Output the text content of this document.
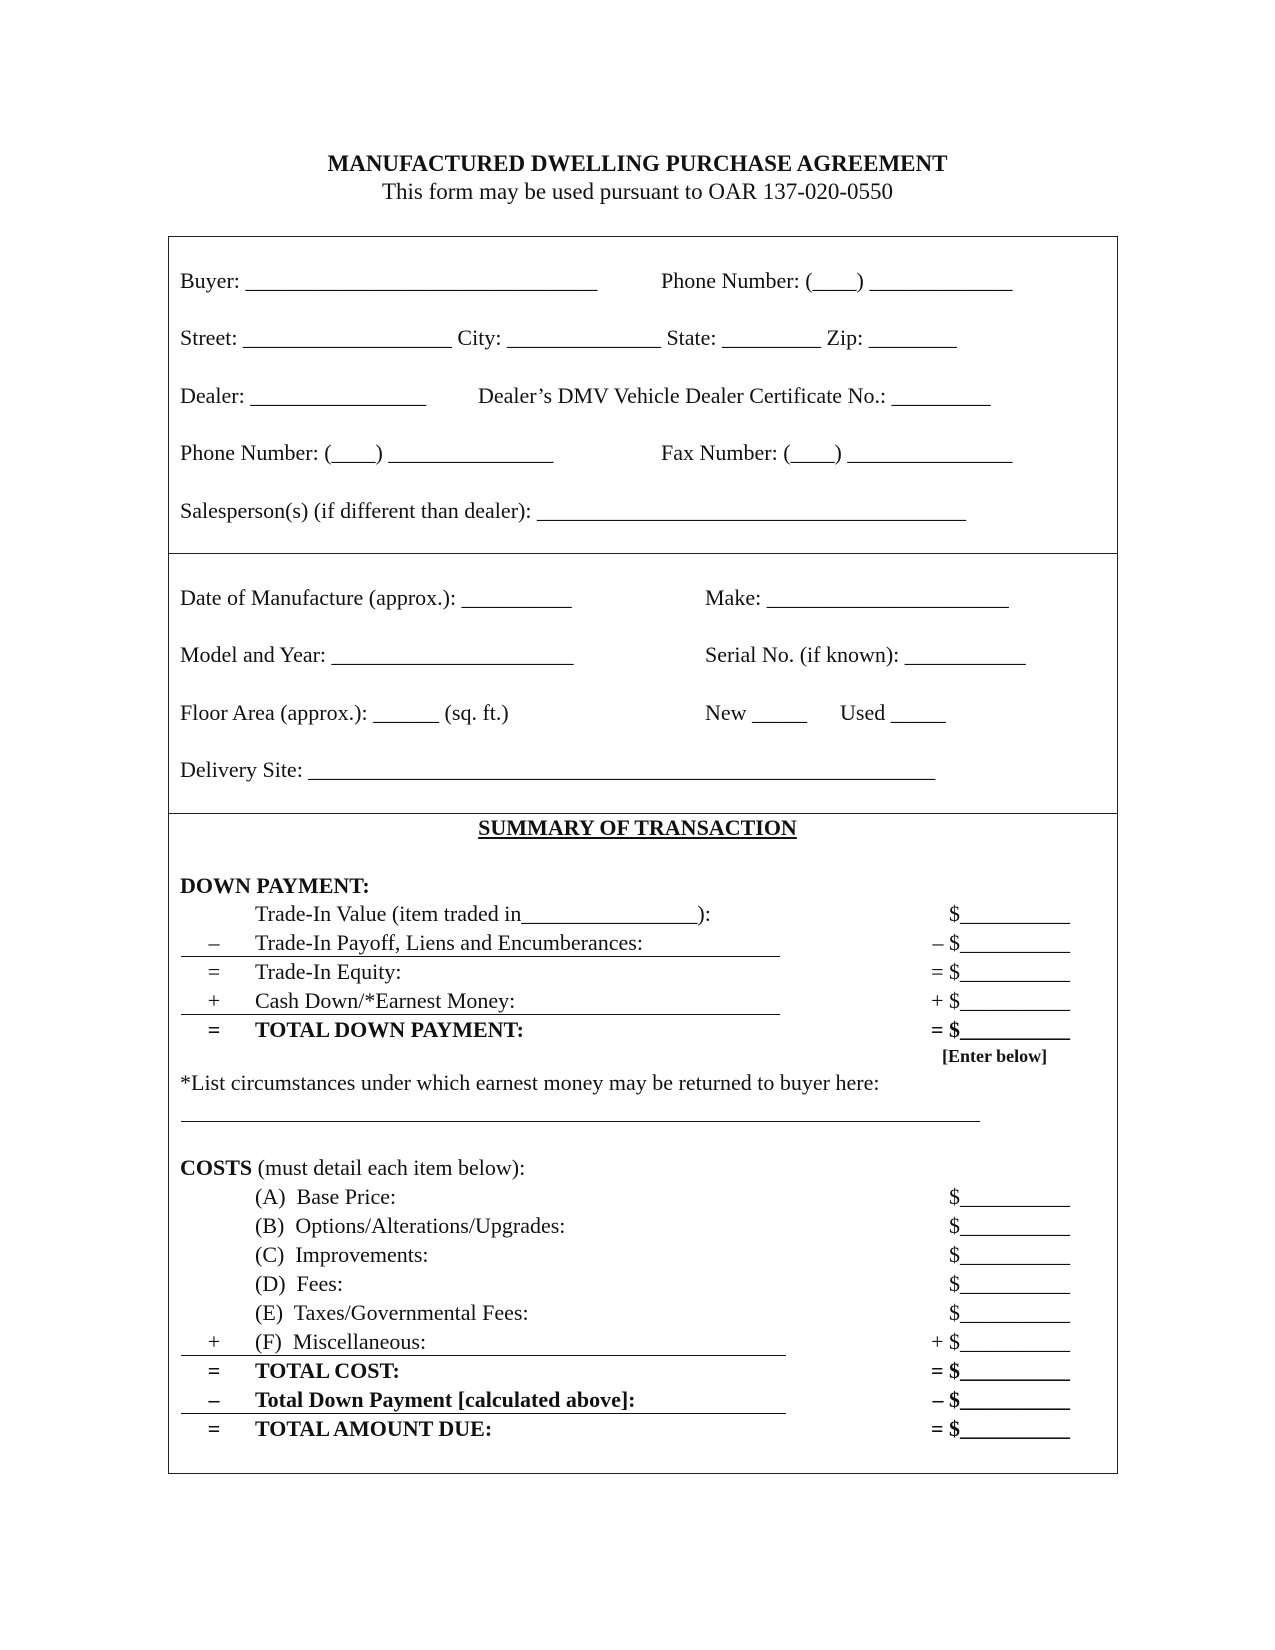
MANUFACTURED DWELLING PURCHASE AGREEMENT
This form may be used pursuant to OAR 137-020-0550
Buyer: ________________________________	Phone Number: (____) _____________
Street: ___________________ City: ______________ State: _________ Zip: ________
Dealer: ________________ Dealer’s DMV Vehicle Dealer Certificate No.: _________
Phone Number: (____) _______________	Fax Number: (____) _______________
Salesperson(s) (if different than dealer): _______________________________________
Date of Manufacture (approx.): __________	Make: ______________________
Model and Year: ______________________	Serial No. (if known): ___________
Floor Area (approx.): ______ (sq. ft.)	New _____ Used _____
Delivery Site: _________________________________________________________
SUMMARY OF TRANSACTION
DOWN PAYMENT:
Trade-In Value (item traded in________________):	$__________
–	Trade-In Payoff, Liens and Encumberances:	– $__________
=	Trade-In Equity:	= $__________
+	Cash Down/*Earnest Money:	+ $__________
=	TOTAL DOWN PAYMENT:	= $__________
[Enter below]
*List circumstances under which earnest money may be returned to buyer here:
COSTS (must detail each item below):
(A)  Base Price:	$__________
(B)  Options/Alterations/Upgrades:	$__________
(C)  Improvements:	$__________
(D)  Fees:	$__________
(E)  Taxes/Governmental Fees:	$__________
+	(F)  Miscellaneous:	+ $__________
=	TOTAL COST:	= $__________
–	Total Down Payment [calculated above]:	– $__________
=	TOTAL AMOUNT DUE:	= $__________
